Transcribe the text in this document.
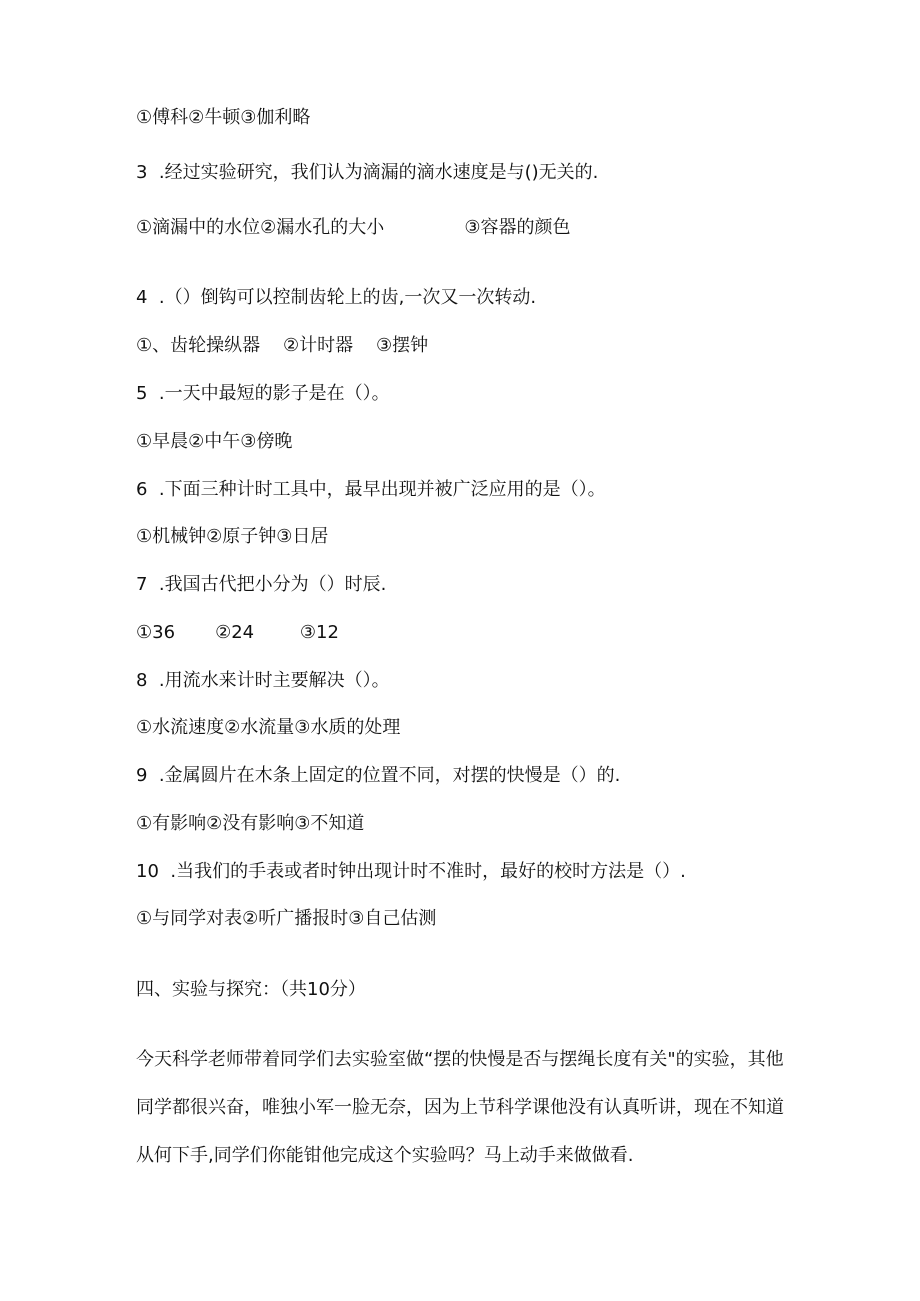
①傅科②牛顿③伽利略
3  .经过实验研究，我们认为滴漏的滴水速度是与()无关的.
①滴漏中的水位②漏水孔的大小              ③容器的颜色
4  .（）倒钩可以控制齿轮上的齿,一次又一次转动.
①、齿轮操纵器    ②计时器    ③摆钟
5  .一天中最短的影子是在（）。
①早晨②中午③傍晚
6  .下面三种计时工具中，最早出现并被广泛应用的是（）。
①机械钟②原子钟③日居
7  .我国古代把小分为（）时辰.
①36       ②24        ③12
8  .用流水来计时主要解决（）。
①水流速度②水流量③水质的处理
9  .金属圆片在木条上固定的位置不同，对摆的快慢是（）的.
①有影响②没有影响③不知道
10  .当我们的手表或者时钟出现计时不准时，最好的校时方法是（）.
①与同学对表②听广播报时③自己估测
四、实验与探究：（共10分）
今天科学老师带着同学们去实验室做“摆的快慢是否与摆绳长度有关"的实验，其他同学都很兴奋，唯独小军一脸无奈，因为上节科学课他没有认真听讲，现在不知道从何下手,同学们你能钳他完成这个实验吗？马上动手来做做看.
